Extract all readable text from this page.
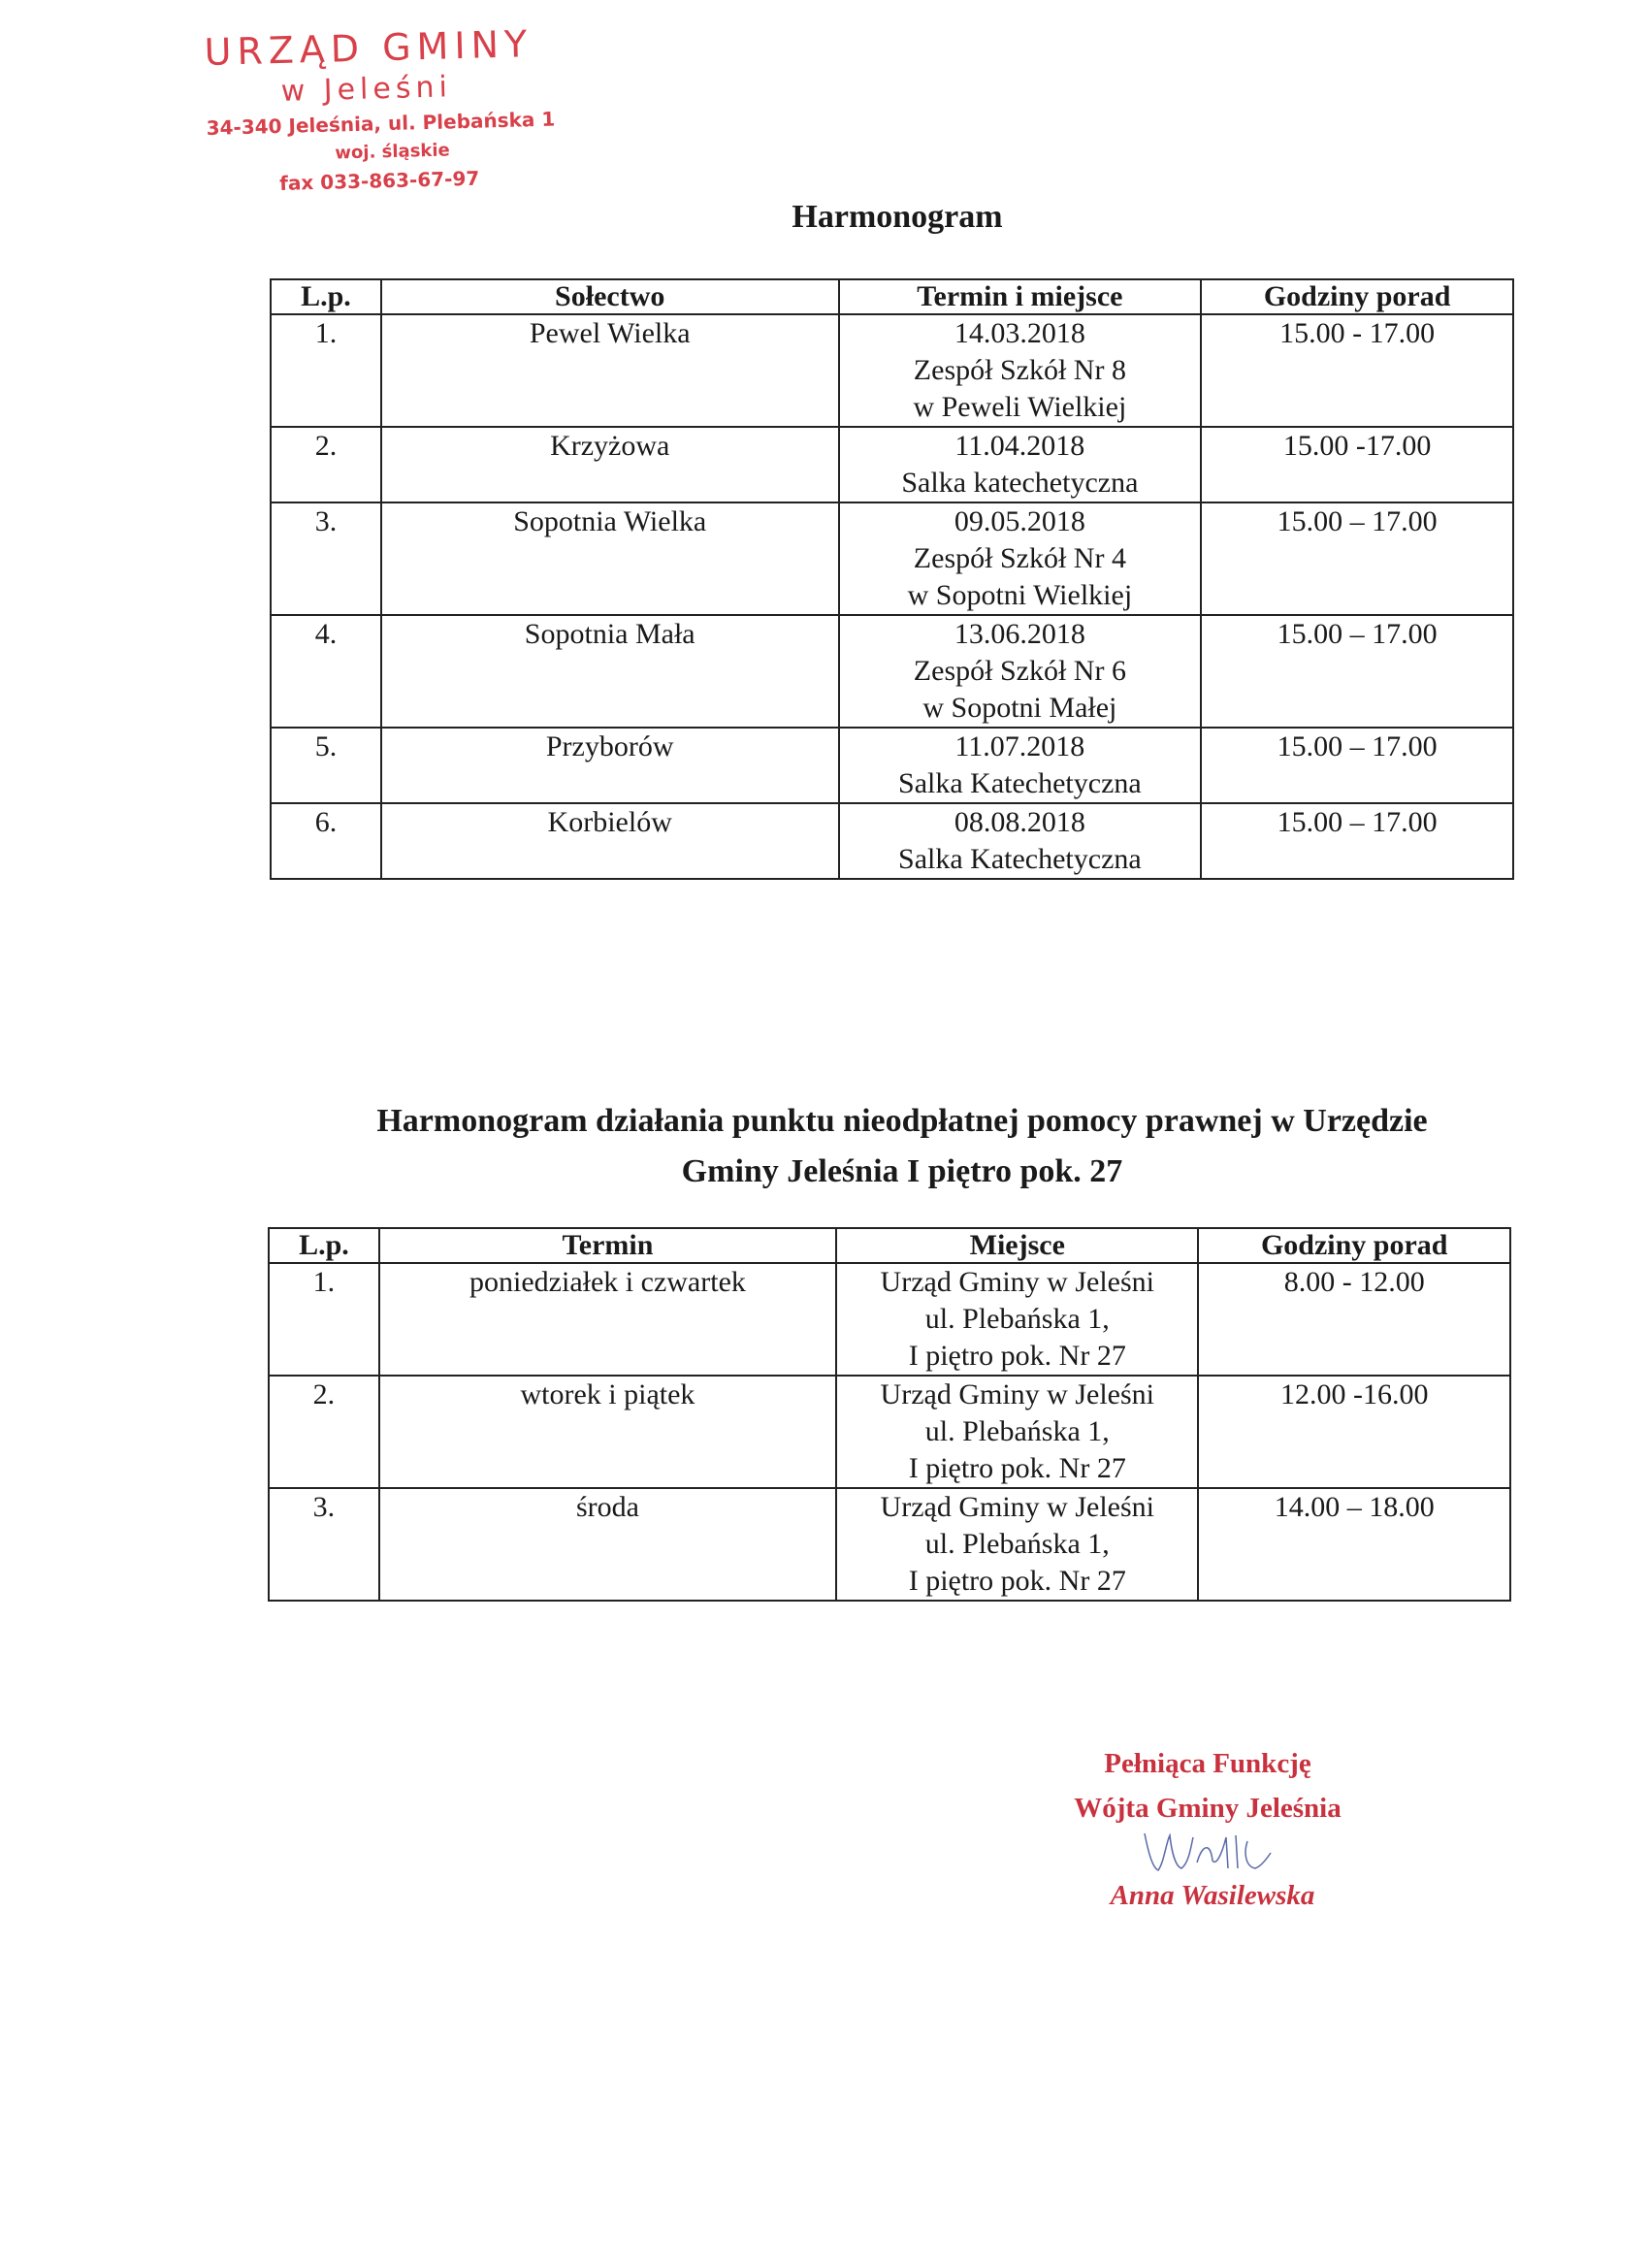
URZĄD GMINY
w Jeleśni
34-340 Jeleśnia, ul. Plebańska 1
woj. śląskie
fax 033-863-67-97
Harmonogram
L.p.	Sołectwo	Termin i miejsce	Godziny porad
1.	Pewel Wielka	14.03.2018
Zespół Szkół Nr 8
w Peweli Wielkiej	15.00 - 17.00
2.	Krzyżowa	11.04.2018
Salka katechetyczna	15.00 -17.00
3.	Sopotnia Wielka	09.05.2018
Zespół Szkół Nr 4
w Sopotni Wielkiej	15.00 – 17.00
4.	Sopotnia Mała	13.06.2018
Zespół Szkół Nr 6
w Sopotni Małej	15.00 – 17.00
5.	Przyborów	11.07.2018
Salka Katechetyczna	15.00 – 17.00
6.	Korbielów	08.08.2018
Salka Katechetyczna	15.00 – 17.00
Harmonogram działania punktu nieodpłatnej pomocy prawnej w Urzędzie
Gminy Jeleśnia I piętro pok. 27
L.p.	Termin	Miejsce	Godziny porad
1.	poniedziałek i czwartek	Urząd Gminy w Jeleśni
ul. Plebańska 1,
I piętro pok. Nr 27	8.00 - 12.00
2.	wtorek i piątek	Urząd Gminy w Jeleśni
ul. Plebańska 1,
I piętro pok. Nr 27	12.00 -16.00
3.	środa	Urząd Gminy w Jeleśni
ul. Plebańska 1,
I piętro pok. Nr 27	14.00 – 18.00
Pełniąca Funkcję
Wójta Gminy Jeleśnia
Anna Wasilewska
